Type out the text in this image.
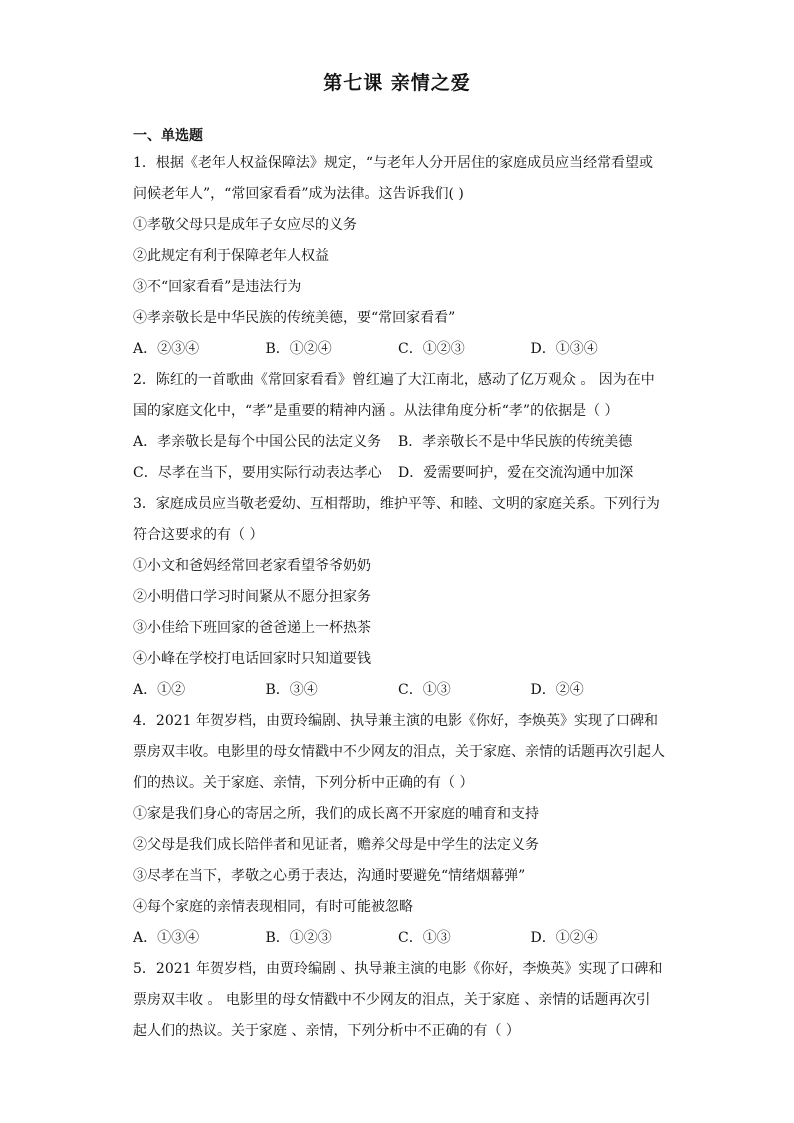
第七课 亲情之爱
一、单选题
1．根据《老年人权益保障法》规定，“与老年人分开居住的家庭成员应当经常看望或
问候老年人”，“常回家看看”成为法律。这告诉我们( )
①孝敬父母只是成年子女应尽的义务
②此规定有利于保障老年人权益
③不“回家看看”是违法行为
④孝亲敬长是中华民族的传统美德，要“常回家看看”
A．②③④	B．①②④	C．①②③	D．①③④
2．陈红的一首歌曲《常回家看看》曾红遍了大江南北，感动了亿万观众 。 因为在中
国的家庭文化中，“孝”是重要的精神内涵 。从法律角度分析“孝”的依据是（ ）
A．孝亲敬长是每个中国公民的法定义务	B．孝亲敬长不是中华民族的传统美德
C．尽孝在当下，要用实际行动表达孝心	D．爱需要呵护，爱在交流沟通中加深
3．家庭成员应当敬老爱幼、互相帮助，维护平等、和睦、文明的家庭关系。下列行为
符合这要求的有（ ）
①小文和爸妈经常回老家看望爷爷奶奶
②小明借口学习时间紧从不愿分担家务
③小佳给下班回家的爸爸递上一杯热茶
④小峰在学校打电话回家时只知道要钱
A．①②	B．③④	C．①③	D．②④
4．2021 年贺岁档，由贾玲编剧、执导兼主演的电影《你好，李焕英》实现了口碑和
票房双丰收。电影里的母女情戳中不少网友的泪点，关于家庭、亲情的话题再次引起人
们的热议。关于家庭、亲情，下列分析中正确的有（ ）
①家是我们身心的寄居之所，我们的成长离不开家庭的哺育和支持
②父母是我们成长陪伴者和见证者，赡养父母是中学生的法定义务
③尽孝在当下，孝敬之心勇于表达，沟通时要避免“情绪烟幕弹”
④每个家庭的亲情表现相同，有时可能被忽略
A．①③④	B．①②③	C．①③	D．①②④
5．2021 年贺岁档，由贾玲编剧 、执导兼主演的电影《你好，李焕英》实现了口碑和
票房双丰收 。 电影里的母女情戳中不少网友的泪点，关于家庭 、亲情的话题再次引
起人们的热议。关于家庭 、亲情，下列分析中不正确的有（ ）
